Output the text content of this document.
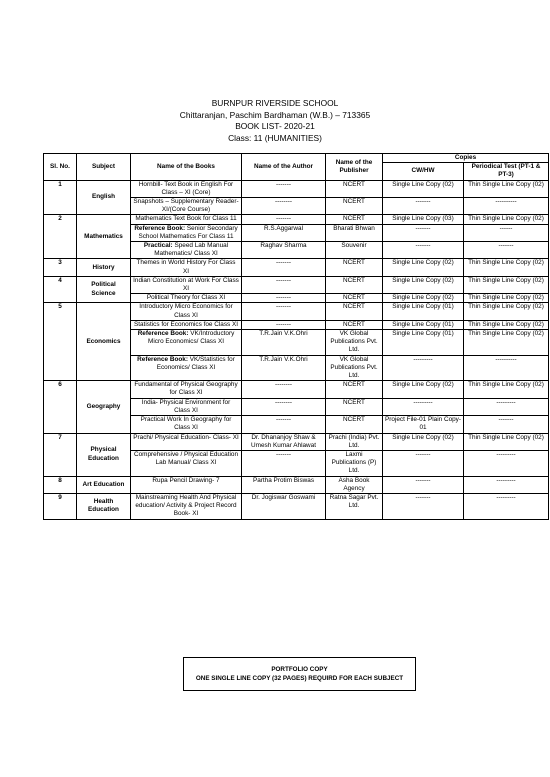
BURNPUR RIVERSIDE SCHOOL
Chittaranjan, Paschim Bardhaman (W.B.) – 713365
BOOK LIST- 2020-21
Class: 11 (HUMANITIES)
Sl. No.	Subject	Name of the Books	Name of the Author	Name of the Publisher	Copies	
					CW/HW	Periodical Test (PT-1 & PT-3)
1	English	Hornbill- Text Book in English For Class – XI (Core)	-------	NCERT	Single Line Copy (02)	Thin Single Line Copy (02)
		Snapshots – Supplementary Reader- XI/(Core Course)	--------	NCERT	-------	----------
2	Mathematics	Mathematics Text Book for Class 11	-------	NCERT	Single Line Copy (03)	Thin Single Line Copy (02)
		Reference Book: Senior Secondary School Mathematics For Class 11	R.S.Aggarwal	Bharati Bhwan	-------	------
		Practical: Speed Lab Manual Mathematics/ Class XI	Raghav Sharma	Souvenir	-------	-------
3	History	Themes in World History For Class XI	-------	NCERT	Single Line Copy (02)	Thin Single Line Copy (02)
4	Political Science	Indian Constitution at Work For Class XI	-------	NCERT	Single Line Copy (02)	Thin Single Line Copy (02)
		Political Theory for Class XI	-------	NCERT	Single Line Copy (02)	Thin Single Line Copy (02)
5	Economics	Introductory Micro Economics for Class XI	-------	NCERT	Single Line Copy (01)	Thin Single Line Copy (02)
		Statistics for Economics foe Class XI	-------	NCERT	Single Line Copy (01)	Thin Single Line Copy (02)
		Reference Book: VK/Introductory Micro Economics/ Class XI	T.R.Jain V.K.Ohri	VK Global Publications Pvt. Ltd.	Single Line Copy (01)	Thin Single Line Copy (02)
		Reference Book: VK/Statistics for Economics/ Class XI	T.R.Jain V.K.Ohri	VK Global Publications Pvt. Ltd.	---------	----------
6	Geography	Fundamental of Physical Geography for Class XI	--------	NCERT	Single Line Copy (02)	Thin Single Line Copy (02)
		India- Physical Environment for Class XI	--------	NCERT	---------	---------
		Practical Work In Geography for Class XI	-------	NCERT	Project File-01 Plain Copy-01	-------
7	Physical Education	Prachi/ Physical Education- Class- XI	Dr. Dhananjoy Shaw & Umesh Kumar Ahlawat	Prachi (India) Pvt. Ltd.	Single Line Copy (02)	Thin Single Line Copy (02)
		Comprehensive / Physical Education Lab Manual/ Class XI	-------	Laxmi Publications (P) Ltd.	-------	---------
8	Art Education	Rupa Pencil Drawing- 7	Partha Protim Biswas	Asha Book Agency	-------	---------
9	Health Education	Mainstreaming Health And Physical education/ Activity & Project Record Book- XI	Dr. Jogiswar Goswami	Ratna Sagar Pvt. Ltd.	-------	---------
PORTFOLIO COPY
ONE SINGLE LINE COPY (32 PAGES) REQUIRD FOR EACH SUBJECT
